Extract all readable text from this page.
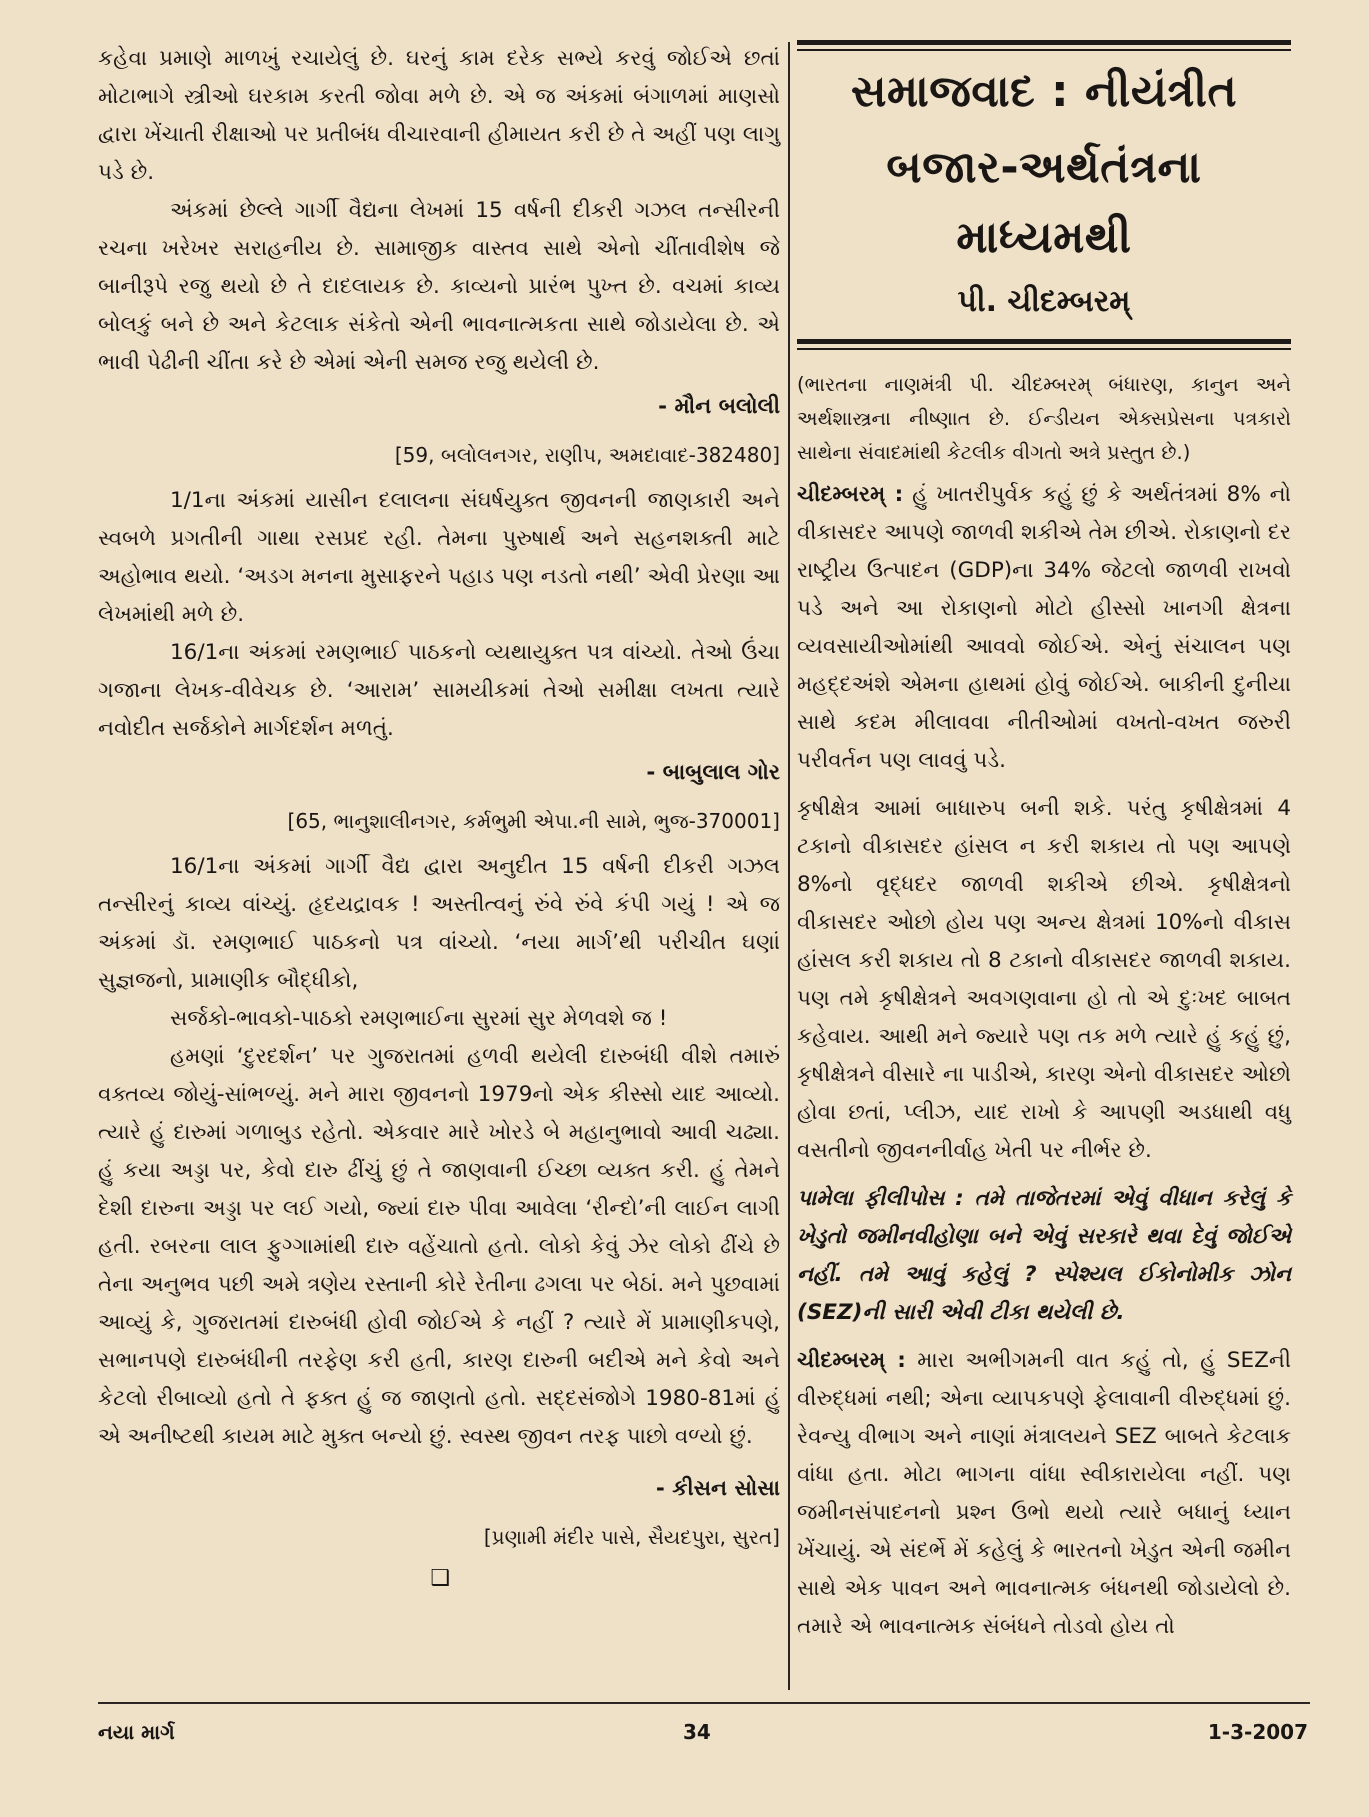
કહેવા પ્રમાણે માળખું રચાયેલું છે. ઘરનું કામ દરેક સભ્યે કરવું જોઈએ છતાં મોટાભાગે સ્ત્રીઓ ઘરકામ કરતી જોવા મળે છે. એ જ અંકમાં બંગાળમાં માણસો દ્વારા ખેંચાતી રીક્ષાઓ પર પ્રતીબંધ વીચારવાની હીમાયત કરી છે તે અહીં પણ લાગુ પડે છે.

અંકમાં છેલ્લે ગાર્ગી વૈદ્યના લેખમાં 15 વર્ષની દીકરી ગઝલ તન્સીરની રચના ખરેખર સરાહનીય છે. સામાજીક વાસ્તવ સાથે એનો ચીંતાવીશેષ જે બાનીરૂપે રજુ થયો છે તે દાદલાયક છે. કાવ્યનો પ્રારંભ પુખ્ત છે. વચમાં કાવ્ય બોલકું બને છે અને કેટલાક સંકેતો એની ભાવનાત્મકતા સાથે જોડાયેલા છે. એ ભાવી પેઢીની ચીંતા કરે છે એમાં એની સમજ રજુ થયેલી છે.

- મૌન બલોલી

[59, બલોલનગર, રાણીપ, અમદાવાદ-382480]

1/1ના અંકમાં યાસીન દલાલના સંઘર્ષયુક્ત જીવનની જાણકારી અને સ્વબળે પ્રગતીની ગાથા રસપ્રદ રહી. તેમના પુરુષાર્થ અને સહનશક્તી માટે અહોભાવ થયો. ‘અડગ મનના મુસાફરને પહાડ પણ નડતો નથી’ એવી પ્રેરણા આ લેખમાંથી મળે છે.

16/1ના અંકમાં રમણભાઈ પાઠકનો વ્યથાયુક્ત પત્ર વાંચ્યો. તેઓ ઉંચા ગજાના લેખક-વીવેચક છે. ‘આરામ’ સામયીકમાં તેઓ સમીક્ષા લખતા ત્યારે નવોદીત સર્જકોને માર્ગદર્શન મળતું.

- બાબુલાલ ગોર

[65, ભાનુશાલીનગર, કર્મભુમી એપા.ની સામે, ભુજ-370001]

16/1ના અંકમાં ગાર્ગી વૈદ્ય દ્વારા અનુદીત 15 વર્ષની દીકરી ગઝલ તન્સીરનું કાવ્ય વાંચ્યું. હૃદયદ્રાવક ! અસ્તીત્વનું રુંવે રુંવે કંપી ગયું ! એ જ અંકમાં ડૉ. રમણભાઈ પાઠકનો પત્ર વાંચ્યો. ‘નયા માર્ગ’થી પરીચીત ઘણાં સુજ્ઞજનો, પ્રામાણીક બૌદ્ધીકો,

સર્જકો-ભાવકો-પાઠકો રમણભાઈના સુરમાં સુર મેળવશે જ !

હમણાં ‘દુરદર્શન’ પર ગુજરાતમાં હળવી થયેલી દારુબંધી વીશે તમારું વક્તવ્ય જોયું-સાંભળ્યું. મને મારા જીવનનો 1979નો એક કીસ્સો યાદ આવ્યો. ત્યારે હું દારુમાં ગળાબુડ રહેતો. એકવાર મારે ખોરડે બે મહાનુભાવો આવી ચઢ્યા. હું કયા અડ્ડા પર, કેવો દારુ ઢીંચું છું તે જાણવાની ઈચ્છા વ્યક્ત કરી. હું તેમને દેશી દારુના અડ્ડા પર લઈ ગયો, જ્યાં દારુ પીવા આવેલા ‘રીન્દો’ની લાઈન લાગી હતી. રબરના લાલ ફુગ્ગામાંથી દારુ વહેંચાતો હતો. લોકો કેવું ઝેર લોકો ઢીંચે છે તેના અનુભવ પછી અમે ત્રણેય રસ્તાની કોરે રેતીના ઢગલા પર બેઠાં. મને પુછવામાં આવ્યું કે, ગુજરાતમાં દારુબંધી હોવી જોઈએ કે નહીં ? ત્યારે મેં પ્રામાણીકપણે, સભાનપણે દારુબંધીની તરફેણ કરી હતી, કારણ દારુની બદીએ મને કેવો અને કેટલો રીબાવ્યો હતો તે ફક્ત હું જ જાણતો હતો. સદ્દસંજોગે 1980-81માં હું એ અનીષ્ટથી કાયમ માટે મુક્ત બન્યો છું. સ્વસ્થ જીવન તરફ પાછો વળ્યો છું.

- કીસન સોસા

[પ્રણામી મંદીર પાસે, સૈયદપુરા, સુરત]

❑
સમાજવાદ : નીયંત્રીત
બજાર-અર્થતંત્રના માધ્યમથી
પી. ચીદમ્બરમ્

(ભારતના નાણમંત્રી પી. ચીદમ્બરમ્ બંધારણ, કાનુન અને અર્થશાસ્ત્રના નીષ્ણાત છે. ઈન્ડીયન એક્સપ્રેસના પત્રકારો સાથેના સંવાદમાંથી કેટલીક વીગતો અત્રે પ્રસ્તુત છે.)

ચીદમ્બરમ્ : હું ખાતરીપુર્વક કહું છું કે અર્થતંત્રમાં 8% નો વીકાસદર આપણે જાળવી શકીએ તેમ છીએ. રોકાણનો દર રાષ્ટ્રીય ઉત્પાદન (GDP)ના 34% જેટલો જાળવી રાખવો પડે અને આ રોકાણનો મોટો હીસ્સો ખાનગી ક્ષેત્રના વ્યવસાયીઓમાંથી આવવો જોઈએ. એનું સંચાલન પણ મહદ્દઅંશે એમના હાથમાં હોવું જોઈએ. બાકીની દુનીયા સાથે કદમ મીલાવવા નીતીઓમાં વખતો-વખત જરુરી પરીવર્તન પણ લાવવું પડે.

કૃષીક્ષેત્ર આમાં બાધારુપ બની શકે. પરંતુ કૃષીક્ષેત્રમાં 4 ટકાનો વીકાસદર હાંસલ ન કરી શકાય તો પણ આપણે 8%નો વૃદ્ધદર જાળવી શકીએ છીએ. કૃષીક્ષેત્રનો વીકાસદર ઓછો હોય પણ અન્ય ક્ષેત્રમાં 10%નો વીકાસ હાંસલ કરી શકાય તો 8 ટકાનો વીકાસદર જાળવી શકાય. પણ તમે કૃષીક્ષેત્રને અવગણવાના હો તો એ દુઃખદ બાબત કહેવાય. આથી મને જ્યારે પણ તક મળે ત્યારે હું કહું છું, કૃષીક્ષેત્રને વીસારે ના પાડીએ, કારણ એનો વીકાસદર ઓછો હોવા છતાં, પ્લીઝ, યાદ રાખો કે આપણી અડધાથી વધુ વસતીનો જીવનનીર્વાહ ખેતી પર નીર્ભર છે.

પામેલા ફીલીપોસ : તમે તાજેતરમાં એવું વીધાન કરેલું કે ખેડુતો જમીનવીહોણા બને એવું સરકારે થવા દેવું જોઈએ નહીં. તમે આવું કહેલું ? સ્પેશ્યલ ઈકોનોમીક ઝોન (SEZ)ની સારી એવી ટીકા થયેલી છે.

ચીદમ્બરમ્ : મારા અભીગમની વાત કહું તો, હું SEZની વીરુદ્ધમાં નથી; એના વ્યાપકપણે ફેલાવાની વીરુદ્ધમાં છું. રેવન્યુ વીભાગ અને નાણાં મંત્રાલયને SEZ બાબતે કેટલાક વાંધા હતા. મોટા ભાગના વાંધા સ્વીકારાયેલા નહીં. પણ જમીનસંપાદનનો પ્રશ્ન ઉભો થયો ત્યારે બધાનું ધ્યાન ખેંચાયું. એ સંદર્ભે મેં કહેલું કે ભારતનો ખેડુત એની જમીન સાથે એક પાવન અને ભાવનાત્મક બંધનથી જોડાયેલો છે. તમારે એ ભાવનાત્મક સંબંધને તોડવો હોય તો

નયા માર્ગ	34	1-3-2007
